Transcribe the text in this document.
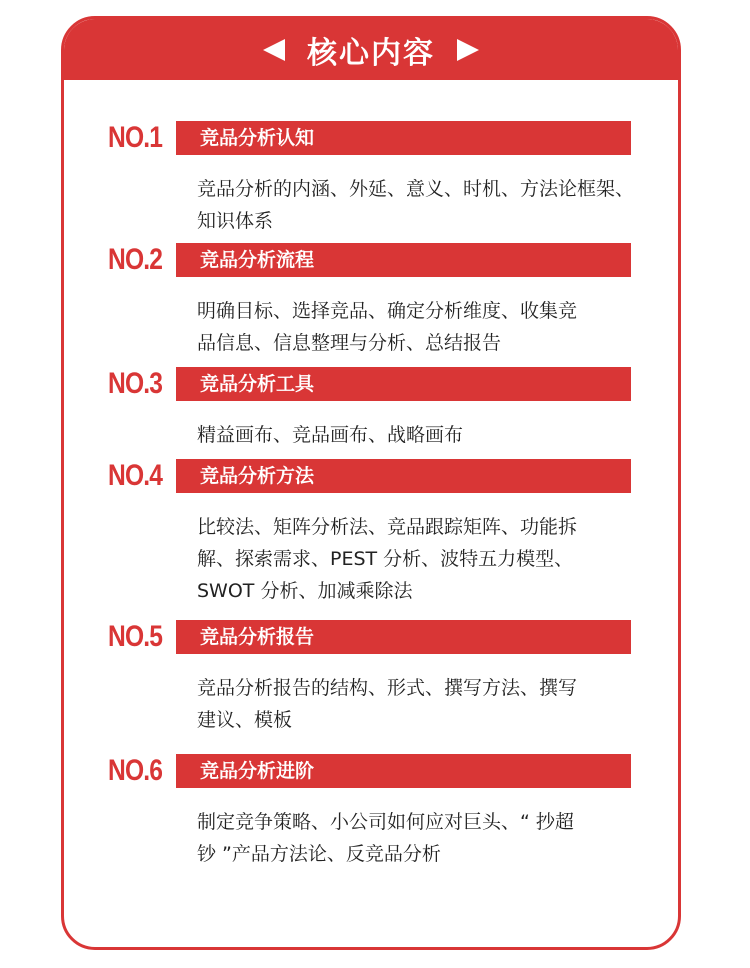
核心内容
NO.1	竞品分析认知
竞品分析的内涵、外延、意义、时机、方法论框架、
知识体系
NO.2	竞品分析流程
明确目标、选择竞品、确定分析维度、收集竞
品信息、信息整理与分析、总结报告
NO.3	竞品分析工具
精益画布、竞品画布、战略画布
NO.4	竞品分析方法
比较法、矩阵分析法、竞品跟踪矩阵、功能拆
解、探索需求、PEST 分析、波特五力模型、
SWOT 分析、加减乘除法
NO.5	竞品分析报告
竞品分析报告的结构、形式、撰写方法、撰写
建议、模板
NO.6	竞品分析进阶
制定竞争策略、小公司如何应对巨头、“ 抄超
钞 ”产品方法论、反竞品分析
